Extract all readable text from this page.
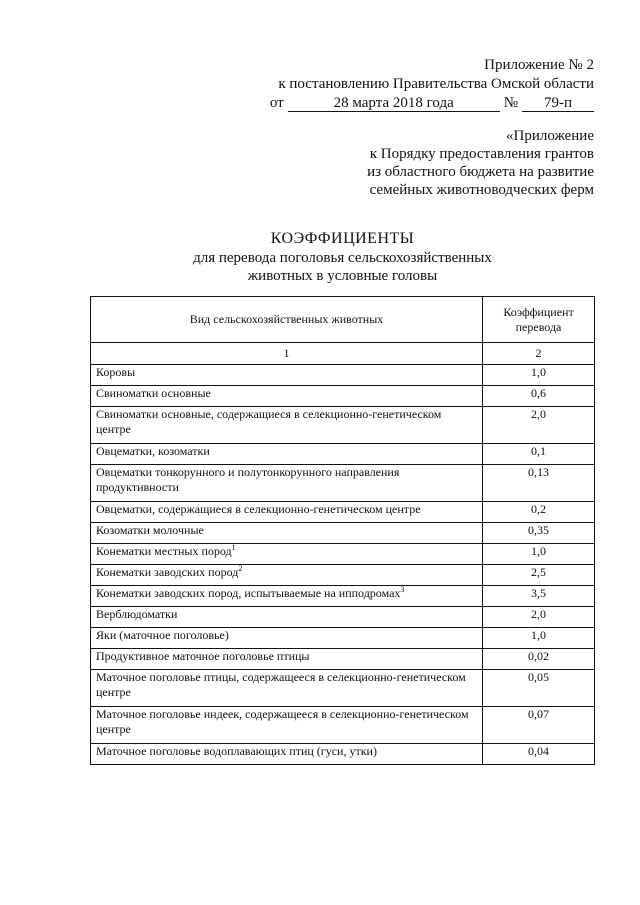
Приложение № 2
к постановлению Правительства Омской области
от	28 марта 2018 года	№	79-п
«Приложение
к Порядку предоставления грантов
из областного бюджета на развитие
семейных животноводческих ферм
КОЭФФИЦИЕНТЫ
для перевода поголовья сельскохозяйственных
животных в условные головы
Вид сельскохозяйственных животных	Коэффициент
перевода

1	2
Коровы	1,0
Свиноматки основные	0,6
Свиноматки основные, содержащиеся в селекционно-генетическом центре	2,0
Овцематки, козоматки	0,1
Овцематки тонкорунного и полутонкорунного направления продуктивности	0,13
Овцематки, содержащиеся в селекционно-генетическом центре	0,2
Козоматки молочные	0,35
Конематки местных пород$^1$	1,0
Конематки заводских пород$^2$	2,5
Конематки заводских пород, испытываемые на ипподромах$^3$	3,5
Верблюдоматки	2,0
Яки (маточное поголовье)	1,0
Продуктивное маточное поголовье птицы	0,02
Маточное поголовье птицы, содержащееся в селекционно-генетическом центре	0,05
Маточное поголовье индеек, содержащееся в селекционно-генетическом центре	0,07
Маточное поголовье водоплавающих птиц (гуси, утки)	0,04
